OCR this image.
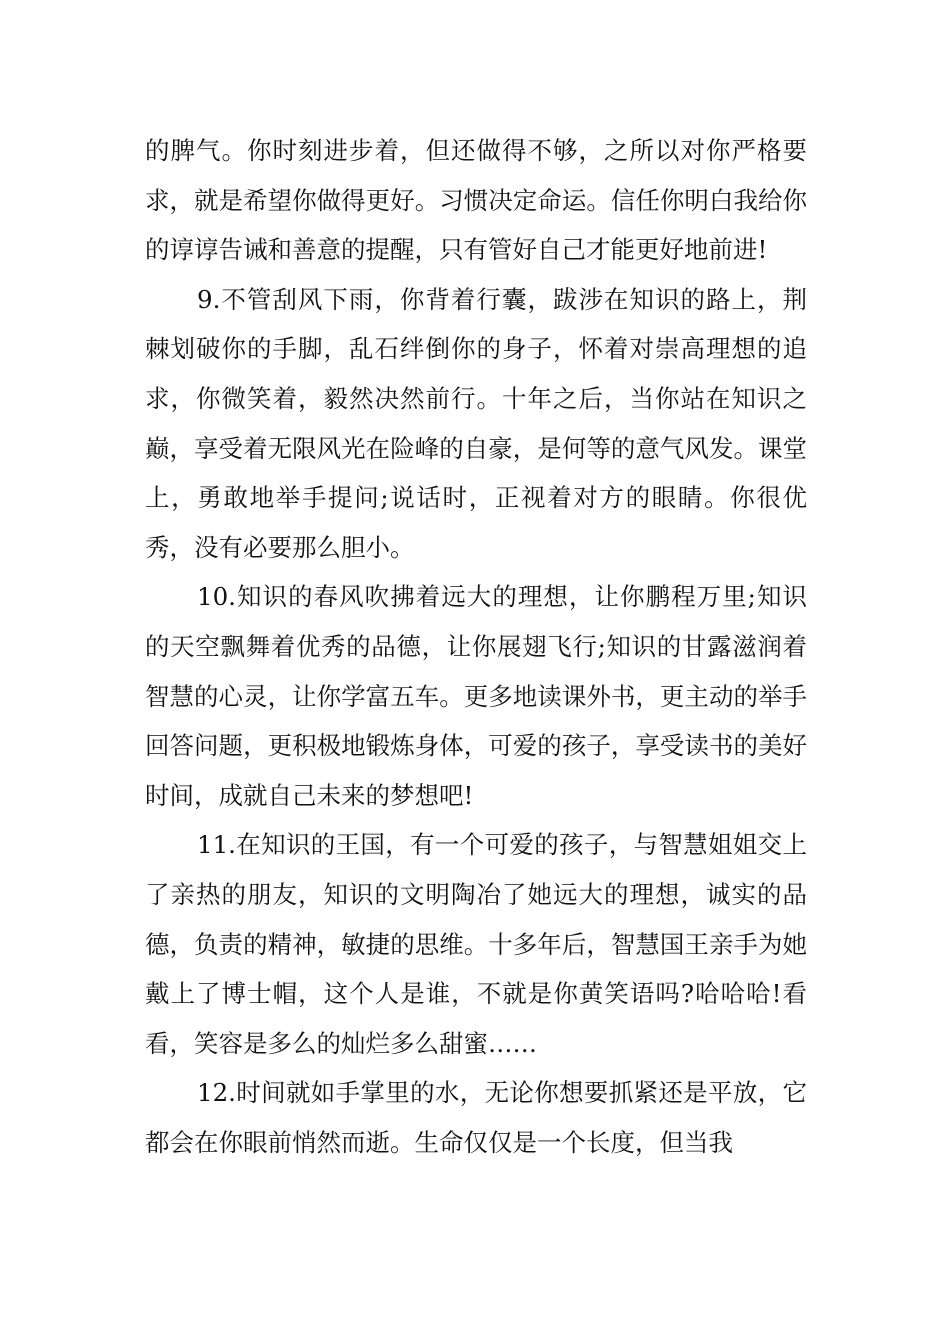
的脾气。你时刻进步着，但还做得不够，之所以对你严格要求，就是希望你做得更好。习惯决定命运。信任你明白我给你的谆谆告诫和善意的提醒，只有管好自己才能更好地前进!

9.不管刮风下雨，你背着行囊，跋涉在知识的路上，荆棘划破你的手脚，乱石绊倒你的身子，怀着对崇高理想的追求，你微笑着，毅然决然前行。十年之后，当你站在知识之巅，享受着无限风光在险峰的自豪，是何等的意气风发。课堂上，勇敢地举手提问;说话时，正视着对方的眼睛。你很优秀，没有必要那么胆小。

10.知识的春风吹拂着远大的理想，让你鹏程万里;知识的天空飘舞着优秀的品德，让你展翅飞行;知识的甘露滋润着智慧的心灵，让你学富五车。更多地读课外书，更主动的举手回答问题，更积极地锻炼身体，可爱的孩子，享受读书的美好时间，成就自己未来的梦想吧!

11.在知识的王国，有一个可爱的孩子，与智慧姐姐交上了亲热的朋友，知识的文明陶冶了她远大的理想，诚实的品德，负责的精神，敏捷的思维。十多年后，智慧国王亲手为她戴上了博士帽，这个人是谁，不就是你黄笑语吗?哈哈哈!看看，笑容是多么的灿烂多么甜蜜……

12.时间就如手掌里的水，无论你想要抓紧还是平放，它都会在你眼前悄然而逝。生命仅仅是一个长度，但当我
